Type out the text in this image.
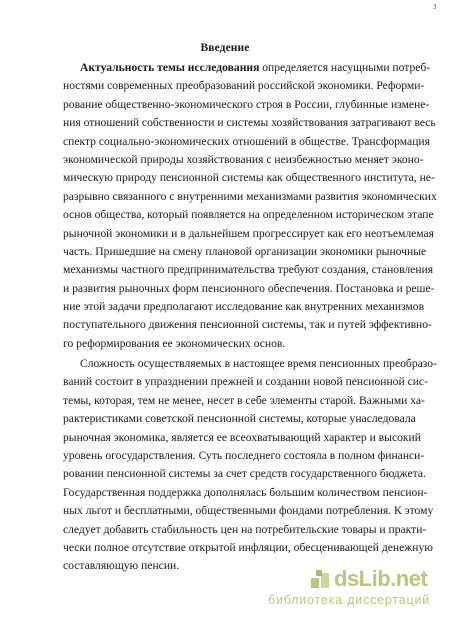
3
Введение
Актуальность темы исследования определяется насущными потреб-
ностями современных преобразований российской экономики. Реформи-
рование общественно-экономического строя в России, глубинные измене-
ния отношений собственности и системы хозяйствования затрагивают весь
спектр социально-экономических отношений в обществе. Трансформация
экономической природы хозяйствования с неизбежностью меняет эконо-
мическую природу пенсионной системы как общественного института, не-
разрывно связанного с внутренними механизмами развития экономических
основ общества, который появляется на определенном историческом этапе
рыночной экономики и в дальнейшем прогрессирует как его неотъемлемая
часть. Пришедшие на смену плановой организации экономики рыночные
механизмы частного предпринимательства требуют создания, становления
и развития рыночных форм пенсионного обеспечения. Постановка и реше-
ние этой задачи предполагают исследование как внутренних механизмов
поступательного движения пенсионной системы, так и путей эффективно-
го реформирования ее экономических основ.
Сложность осуществляемых в настоящее время пенсионных преобразо-
ваний состоит в упразднении прежней и создании новой пенсионной сис-
темы, которая, тем не менее, несет в себе элементы старой. Важными ха-
рактеристиками советской пенсионной системы, которые унаследовала
рыночная экономика, является ее всеохватывающий характер и высокий
уровень огосударствления. Суть последнего состояла в полном финанси-
ровании пенсионной системы за счет средств государственного бюджета.
Государственная поддержка дополнялась большим количеством пенсион-
ных льгот и бесплатными, общественными фондами потребления. К этому
следует добавить стабильность цен на потребительские товары и практи-
чески полное отсутствие открытой инфляции, обесценивающей денежную
составляющую пенсии.
dsLib.net
библиотека диссертаций
